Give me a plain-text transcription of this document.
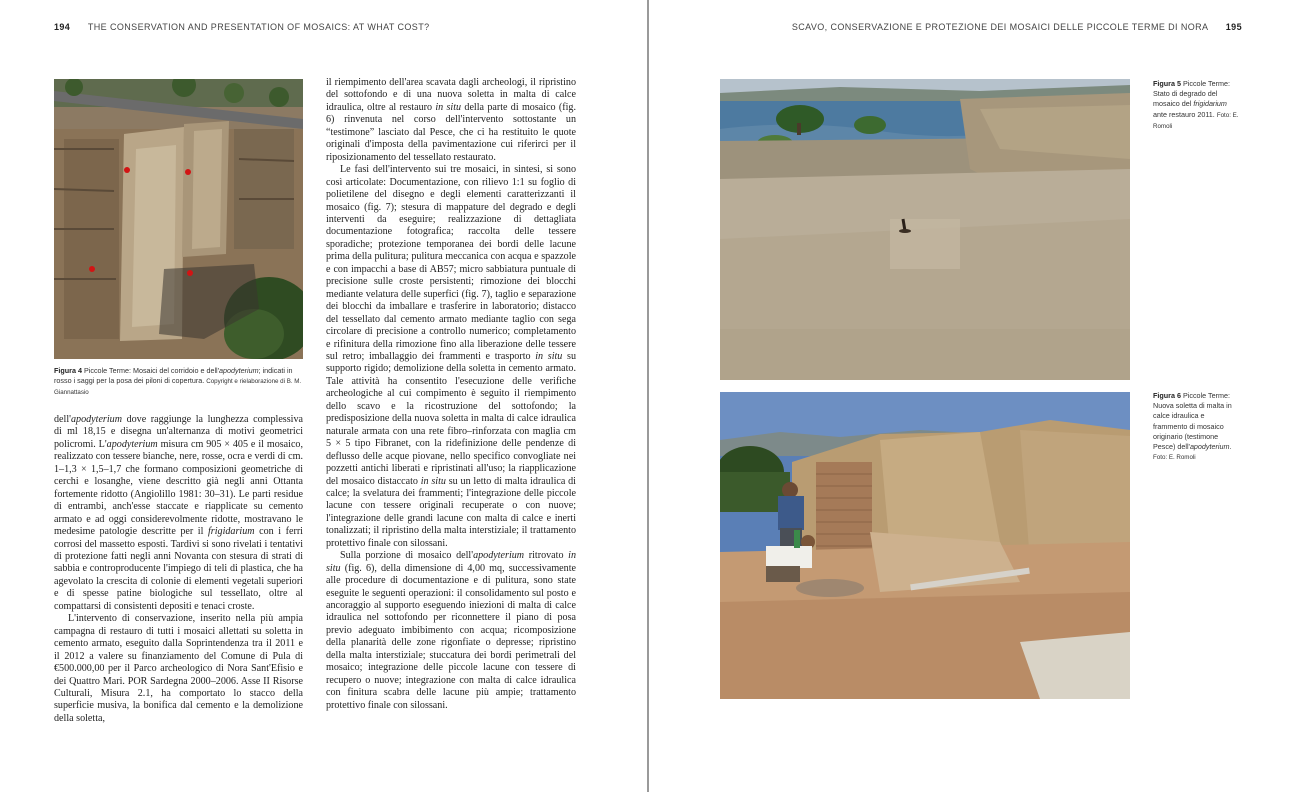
194 THE CONSERVATION AND PRESENTATION OF MOSAICS: AT WHAT COST?
Figura 4 Piccole Terme: Mosaici del corridoio e dell'apodyterium; indicati in rosso i saggi per la posa dei piloni di copertura. Copyright e rielaborazione di B. M. Giannattasio

dell'apodyterium dove raggiunge la lunghezza complessiva di ml 18,15 e disegna un'alternanza di motivi geometrici policromi. L'apodyterium misura cm 905 × 405 e il mosaico, realizzato con tessere bianche, nere, rosse, ocra e verdi di cm. 1–1,3 × 1,5–1,7 che formano composizioni geometriche di cerchi e losanghe, viene descritto già negli anni Ottanta fortemente ridotto (Angiolillo 1981: 30–31). Le parti residue di entrambi, anch'esse staccate e riapplicate su cemento armato e ad oggi considerevolmente ridotte, mostravano le medesime patologie descritte per il frigidarium con i ferri corrosi del massetto esposti. Tardivi si sono rivelati i tentativi di protezione fatti negli anni Novanta con stesura di strati di sabbia e controproducente l'impiego di teli di plastica, che ha agevolato la crescita di colonie di elementi vegetali superiori e di spesse patine biologiche sul tessellato, oltre al compattarsi di consistenti depositi e tenaci croste.

L'intervento di conservazione, inserito nella più ampia campagna di restauro di tutti i mosaici allettati su soletta in cemento armato, eseguito dalla Soprintendenza tra il 2011 e il 2012 a valere su finanziamento del Comune di Pula di €500.000,00 per il Parco archeologico di Nora Sant'Efisio e dei Quattro Mari. POR Sardegna 2000–2006. Asse II Risorse Culturali, Misura 2.1, ha comportato lo stacco della superficie musiva, la bonifica dal cemento e la demolizione della soletta,

il riempimento dell'area scavata dagli archeologi, il ripristino del sottofondo e di una nuova soletta in malta di calce idraulica, oltre al restauro in situ della parte di mosaico (fig. 6) rinvenuta nel corso dell'intervento sottostante un “testimone” lasciato dal Pesce, che ci ha restituito le quote originali d'imposta della pavimentazione cui riferirci per il riposizionamento del tessellato restaurato.

Le fasi dell'intervento sui tre mosaici, in sintesi, si sono così articolate: Documentazione, con rilievo 1:1 su foglio di polietilene del disegno e degli elementi caratterizzanti il mosaico (fig. 7); stesura di mappature del degrado e degli interventi da eseguire; realizzazione di dettagliata documentazione fotografica; raccolta delle tessere sporadiche; protezione temporanea dei bordi delle lacune prima della pulitura; pulitura meccanica con acqua e spazzole e con impacchi a base di AB57; micro sabbiatura puntuale di precisione sulle croste persistenti; rimozione dei blocchi mediante velatura delle superfici (fig. 7), taglio e separazione dei blocchi da imballare e trasferire in laboratorio; distacco del tessellato dal cemento armato mediante taglio con sega circolare di precisione a controllo numerico; completamento e rifinitura della rimozione fino alla liberazione delle tessere sul retro; imballaggio dei frammenti e trasporto in situ su supporto rigido; demolizione della soletta in cemento armato. Tale attività ha consentito l'esecuzione delle verifiche archeologiche al cui compimento è seguito il riempimento dello scavo e la ricostruzione del sottofondo; la predisposizione della nuova soletta in malta di calce idraulica naturale armata con una rete fibro–rinforzata con maglia cm 5 × 5 tipo Fibranet, con la ridefinizione delle pendenze di deflusso delle acque piovane, nello specifico convogliate nei pozzetti antichi liberati e ripristinati all'uso; la riapplicazione del mosaico distaccato in situ su un letto di malta idraulica di calce; la svelatura dei frammenti; l'integrazione delle piccole lacune con tessere originali recuperate o con nuove; l'integrazione delle grandi lacune con malta di calce e inerti tonalizzati; il ripristino della malta interstiziale; il trattamento protettivo finale con silossani.

Sulla porzione di mosaico dell'apodyterium ritrovato in situ (fig. 6), della dimensione di 4,00 mq, successivamente alle procedure di documentazione e di pulitura, sono state eseguite le seguenti operazioni: il consolidamento sul posto e ancoraggio al supporto eseguendo iniezioni di malta di calce idraulica nel sottofondo per riconnettere il piano di posa previo adeguato imbibimento con acqua; ricomposizione della planarità delle zone rigonfiate o depresse; ripristino della malta interstiziale; stuccatura dei bordi perimetrali del mosaico; integrazione delle piccole lacune con tessere di recupero o nuove; integrazione con malta di calce idraulica con finitura scabra delle lacune più ampie; trattamento protettivo finale con silossani.

SCAVO, CONSERVAZIONE E PROTEZIONE DEI MOSAICI DELLE PICCOLE TERME DI NORA 195
Figura 5 Piccole Terme: Stato di degrado del mosaico del frigidarium ante restauro 2011. Foto: E. Romoli
Figura 6 Piccole Terme: Nuova soletta di malta in calce idraulica e frammento di mosaico originario (testimone Pesce) dell'apodyterium. Foto: E. Romoli
